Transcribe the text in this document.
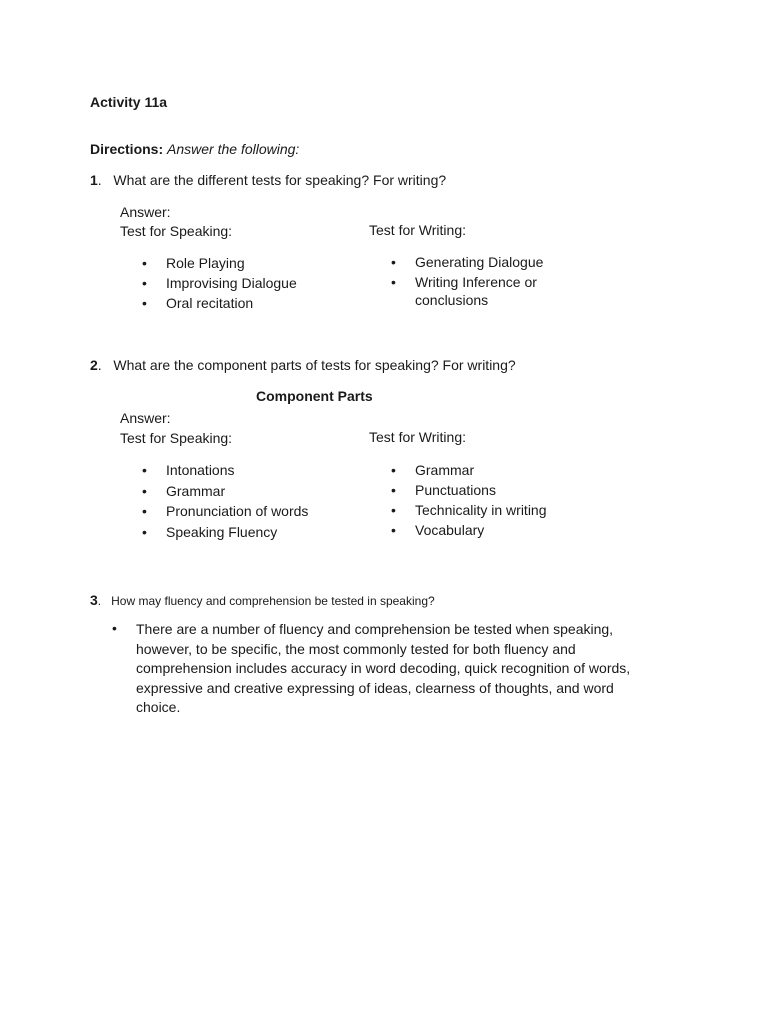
Activity 11a
Directions: Answer the following:
1.   What are the different tests for speaking? For writing?
Answer:
Test for Speaking:	Test for Writing:
• Role Playing
• Improvising Dialogue
• Oral recitation
• Generating Dialogue
• Writing Inference or
conclusions
2.   What are the component parts of tests for speaking? For writing?
Component Parts
Answer:
Test for Speaking:	Test for Writing:
• Intonations
• Grammar
• Pronunciation of words
• Speaking Fluency
• Grammar
• Punctuations
• Technicality in writing
• Vocabulary
3.   How may fluency and comprehension be tested in speaking?
• There are a number of fluency and comprehension be tested when speaking,
however, to be specific, the most commonly tested for both fluency and
comprehension includes accuracy in word decoding, quick recognition of words,
expressive and creative expressing of ideas, clearness of thoughts, and word
choice.
